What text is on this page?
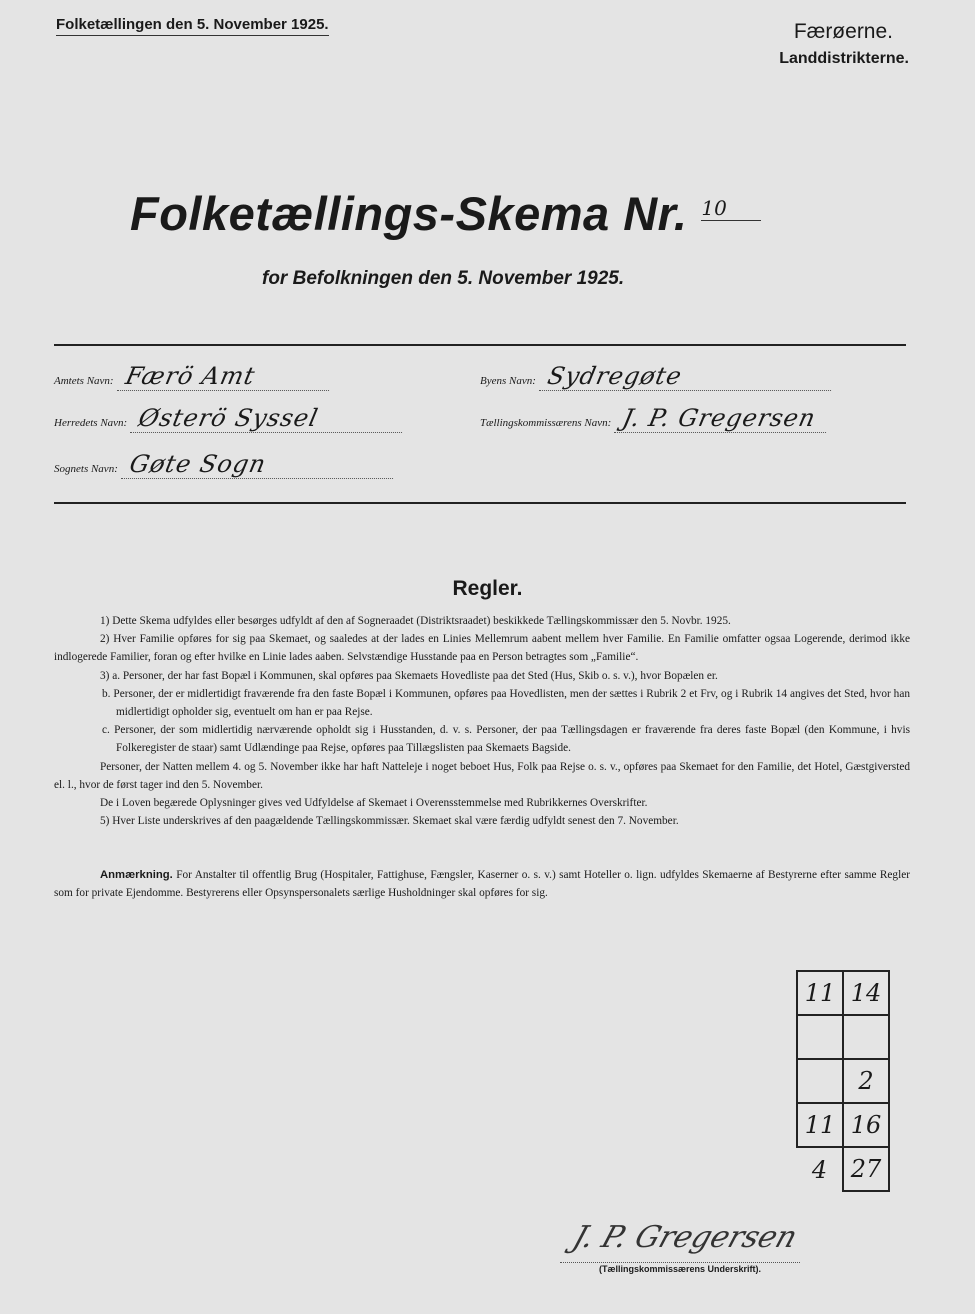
Folketællingen den 5. November 1925.	Færøerne.
Landdistrikterne.
Folketællings-Skema Nr. 10
for Befolkningen den 5. November 1925.
Amtets Navn: Færö Amt	Byens Navn: Sydregøte
Herredets Navn: Østerö Syssel	Tællingskommissærens Navn: J. P. Gregersen
Sognets Navn: Gøte Sogn
Regler.

1) Dette Skema udfyldes eller besørges udfyldt af den af Sogneraadet (Distriktsraadet) beskikkede Tællingskommissær den 5. Novbr. 1925.

2) Hver Familie opføres for sig paa Skemaet, og saaledes at der lades en Linies Mellemrum aabent mellem hver Familie. En Familie omfatter ogsaa Logerende, derimod ikke indlogerede Familier, foran og efter hvilke en Linie lades aaben. Selvstændige Husstande paa en Person betragtes som „Familie“.

3) a. Personer, der har fast Bopæl i Kommunen, skal opføres paa Skemaets Hovedliste paa det Sted (Hus, Skib o. s. v.), hvor Bopælen er.

b. Personer, der er midlertidigt fraværende fra den faste Bopæl i Kommunen, opføres paa Hovedlisten, men der sættes i Rubrik 2 et Frv, og i Rubrik 14 angives det Sted, hvor han midlertidigt opholder sig, eventuelt om han er paa Rejse.

c. Personer, der som midlertidig nærværende opholdt sig i Husstanden, d. v. s. Personer, der paa Tællingsdagen er fraværende fra deres faste Bopæl (den Kommune, i hvis Folkeregister de staar) samt Udlændinge paa Rejse, opføres paa Tillægslisten paa Skemaets Bagside.

Personer, der Natten mellem 4. og 5. November ikke har haft Natteleje i noget beboet Hus, Folk paa Rejse o. s. v., opføres paa Skemaet for den Familie, det Hotel, Gæstgiversted el. l., hvor de først tager ind den 5. November.

De i Loven begærede Oplysninger gives ved Udfyldelse af Skemaet i Overensstemmelse med Rubrikkernes Overskrifter.

5) Hver Liste underskrives af den paagældende Tællingskommissær. Skemaet skal være færdig udfyldt senest den 7. November.

Anmærkning. For Anstalter til offentlig Brug (Hospitaler, Fattighuse, Fængsler, Kaserner o. s. v.) samt Hoteller o. lign. udfyldes Skemaerne af Bestyrerne efter samme Regler som for private Ejendomme. Bestyrerens eller Opsynspersonalets særlige Husholdninger skal opføres for sig.
11	14

	2
11	16
4	27
J. P. Gregersen
(Tællingskommissærens Underskrift).
